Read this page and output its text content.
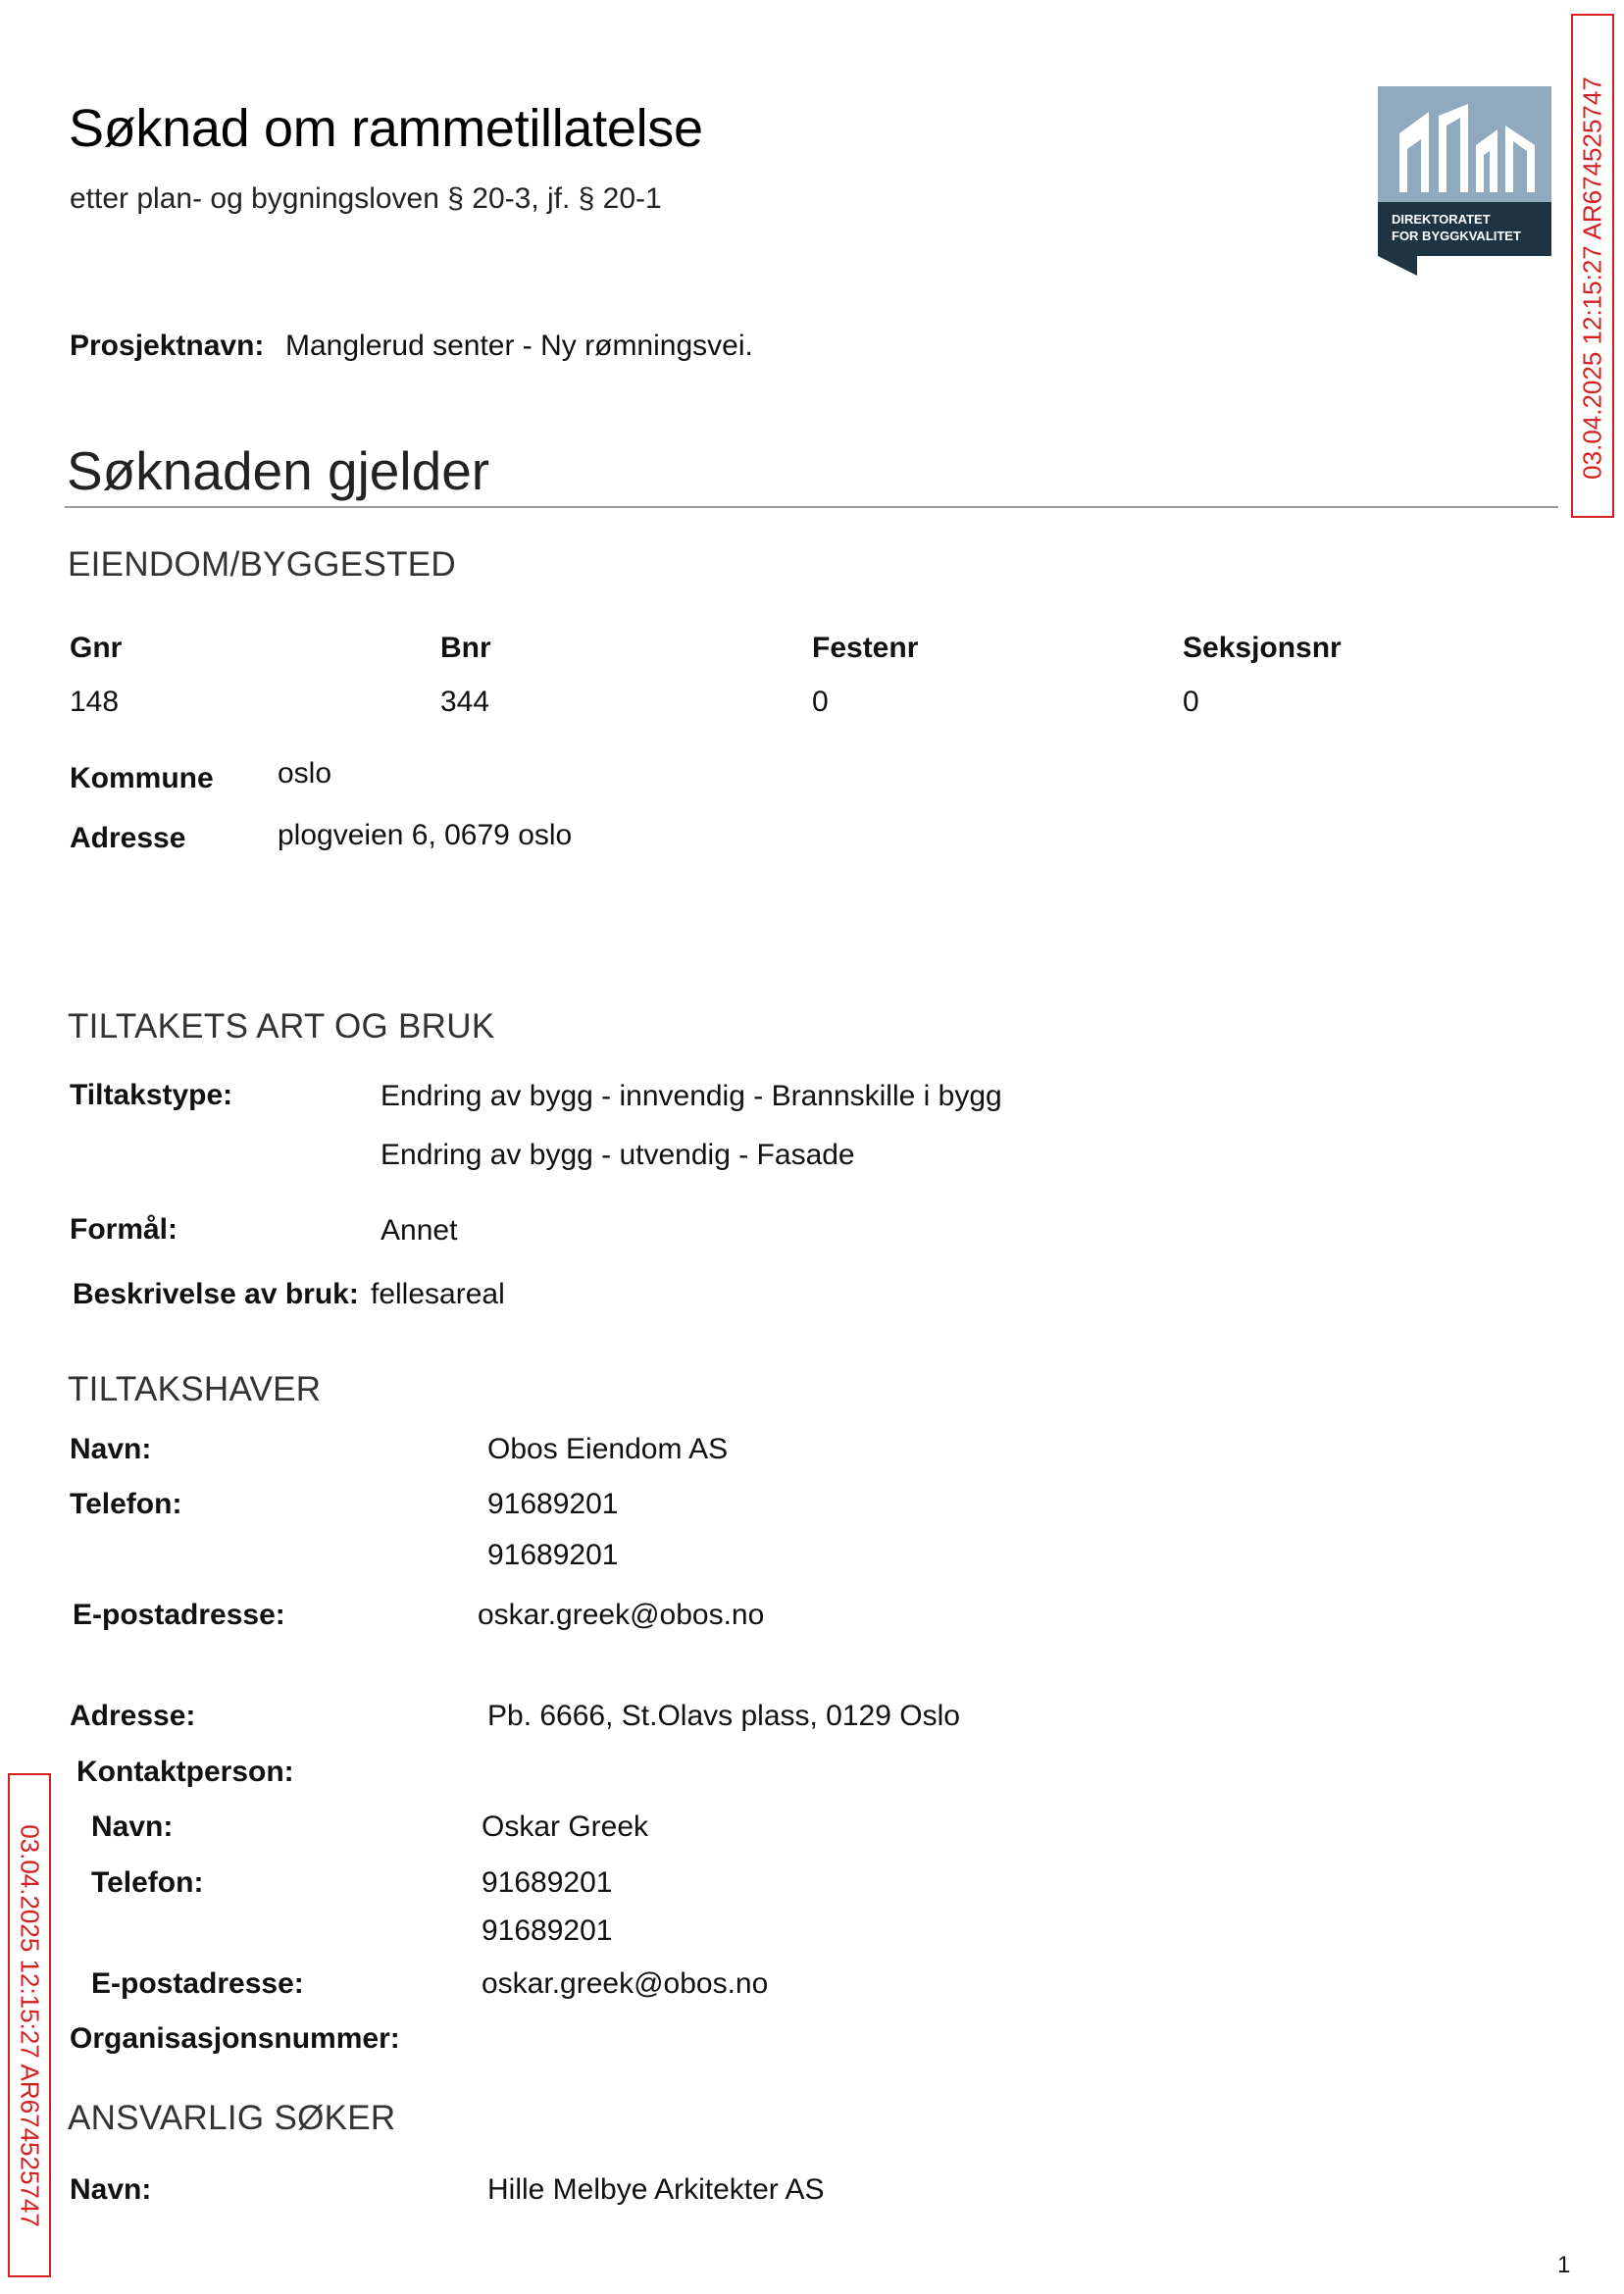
Søknad om rammetillatelse
etter plan- og bygningsloven § 20-3, jf. § 20-1
DIREKTORATET
FOR BYGGKVALITET 03.04.2025 12:15:27 AR674525747
Prosjektnavn: Manglerud senter - Ny rømningsvei.
Søknaden gjelder
EIENDOM/BYGGESTED
Gnr	Bnr	Festenr	Seksjonsnr
148	344	0	0
Kommune oslo
Adresse	plogveien 6, 0679 oslo
TILTAKETS ART OG BRUK
Tiltakstype:	Endring av bygg - innvendig - Brannskille i bygg
Endring av bygg - utvendig - Fasade
Formål:	Annet
Beskrivelse av bruk: fellesareal
TILTAKSHAVER
Navn:	Obos Eiendom AS
Telefon:	91689201
91689201
E-postadresse:	oskar.greek@obos.no
Adresse:	Pb. 6666, St.Olavs plass, 0129 Oslo
Kontaktperson:
Navn:	Oskar Greek
Telefon:	91689201
91689201
E-postadresse:	oskar.greek@obos.no
Organisasjonsnummer:
ANSVARLIG SØKER
Navn:	Hille Melbye Arkitekter AS
03.04.2025 12:15:27 AR674525747
1
